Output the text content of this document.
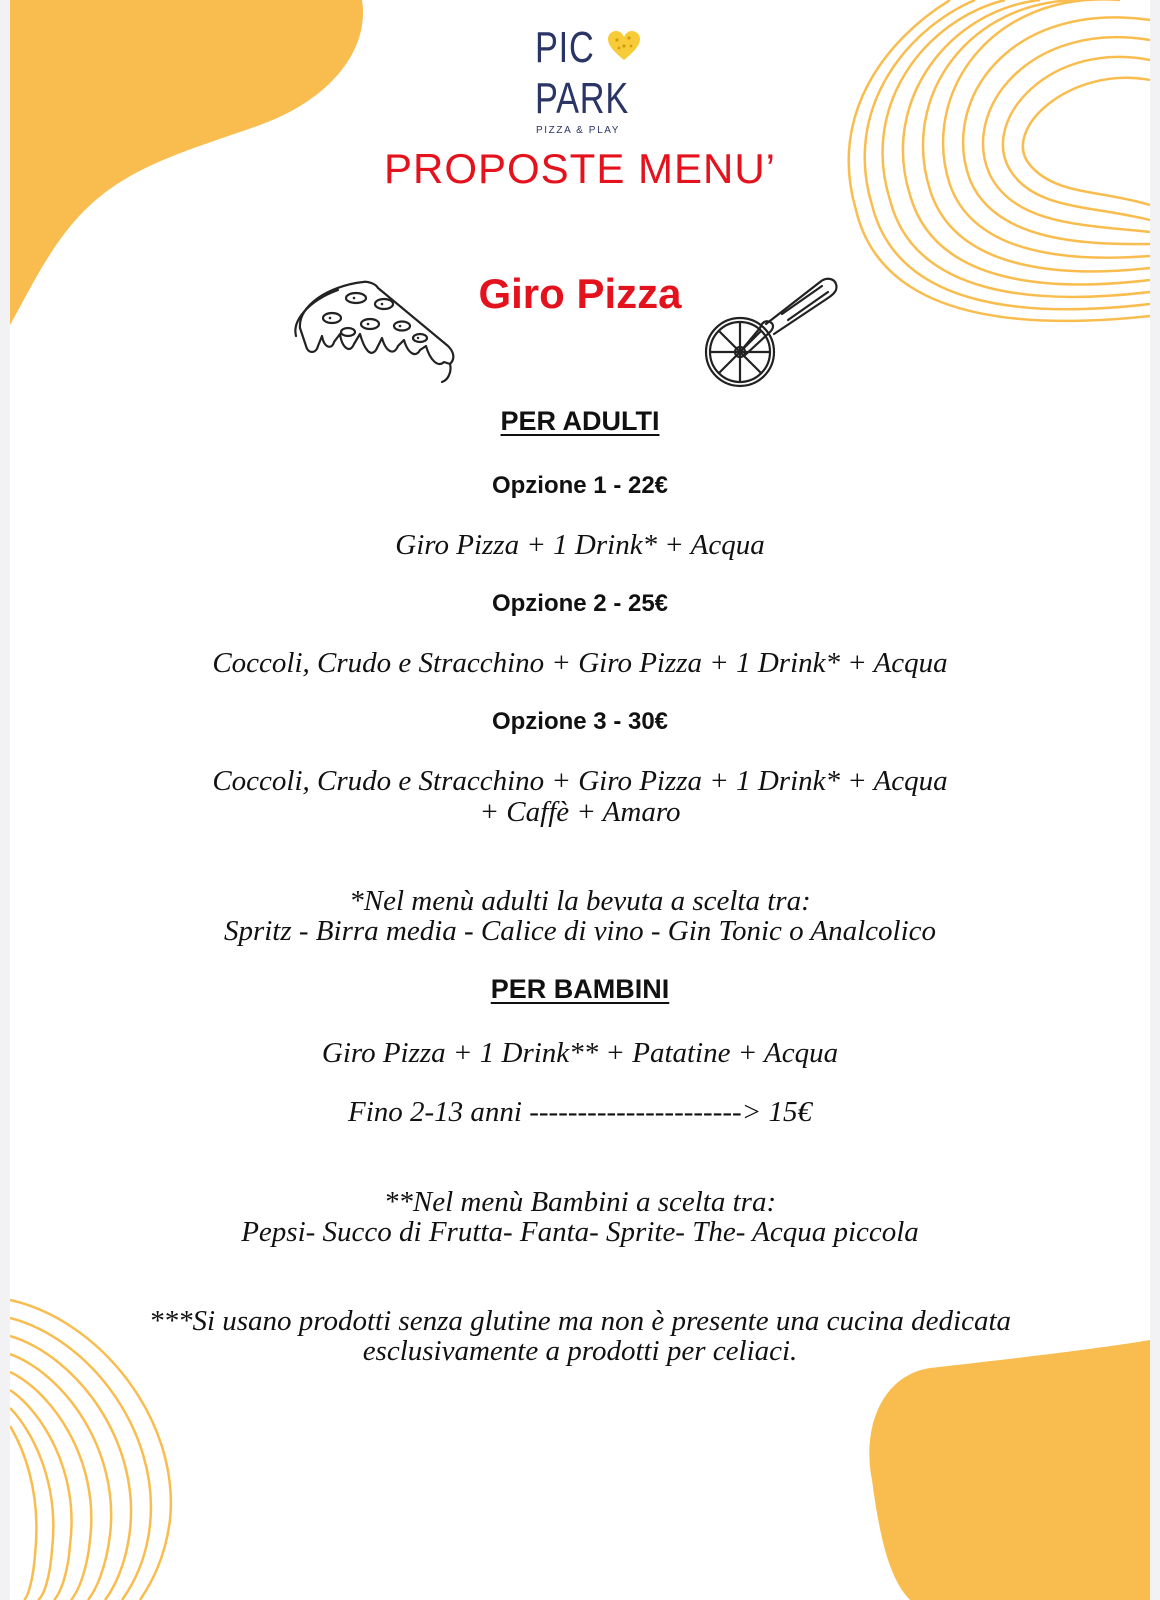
PIC
PARK
PIZZA & PLAY
PROPOSTE MENU’
Giro Pizza
PER ADULTI
Opzione 1 - 22€
Giro Pizza + 1 Drink* + Acqua
Opzione 2 - 25€
Coccoli, Crudo e Stracchino + Giro Pizza + 1 Drink* + Acqua
Opzione 3 - 30€
Coccoli, Crudo e Stracchino + Giro Pizza + 1 Drink* + Acqua
+ Caffè + Amaro
*Nel menù adulti la bevuta a scelta tra:
Spritz - Birra media - Calice di vino - Gin Tonic o Analcolico
PER BAMBINI
Giro Pizza + 1 Drink** + Patatine + Acqua
Fino 2-13 anni ----------------------> 15€
**Nel menù Bambini a scelta tra:
Pepsi- Succo di Frutta- Fanta- Sprite- The- Acqua piccola
***Si usano prodotti senza glutine ma non è presente una cucina dedicata
esclusivamente a prodotti per celiaci.
